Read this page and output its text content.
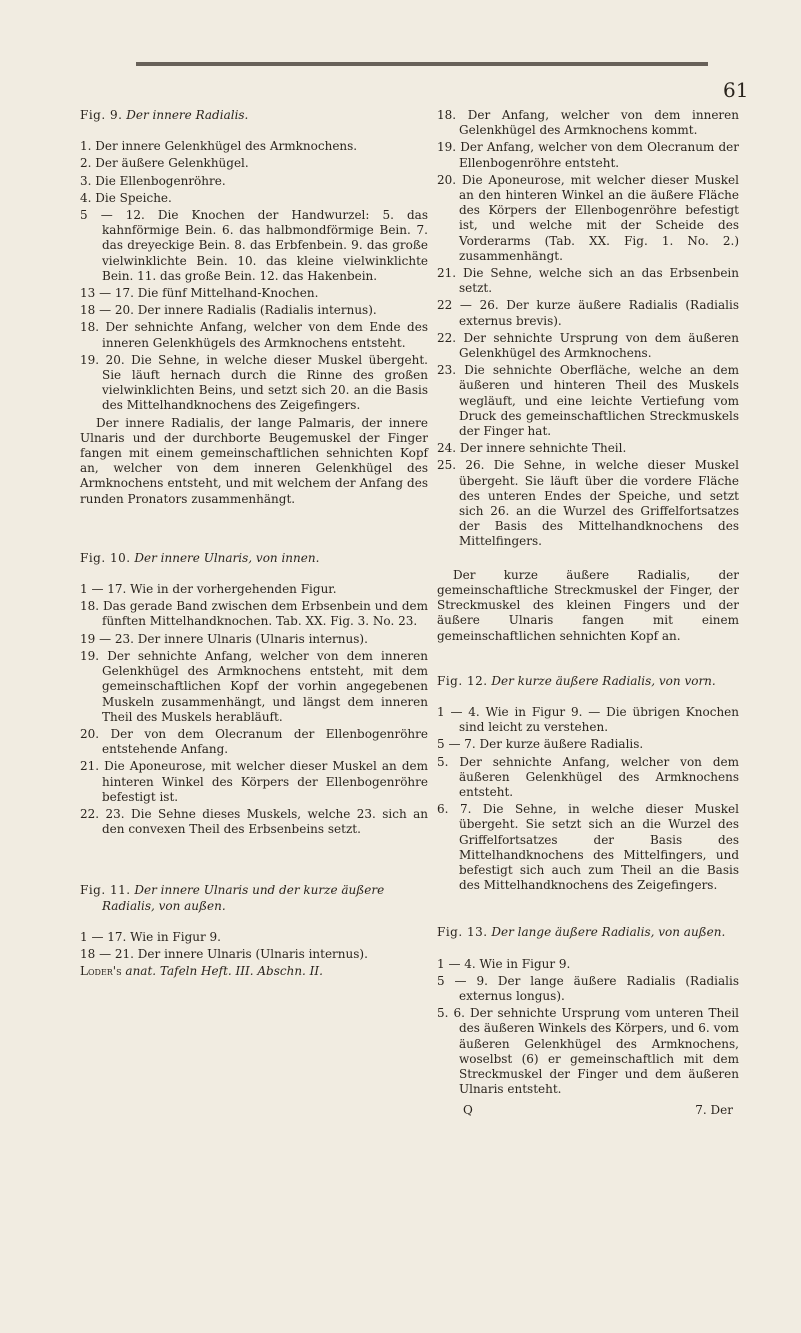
61

Fig. 9. Der innere Radialis.

1. Der innere Gelenkhügel des Armknochens.

2. Der äußere Gelenkhügel.

3. Die Ellenbogenröhre.

4. Die Speiche.

5 — 12. Die Knochen der Handwurzel: 5. das kahnförmige Bein. 6. das halbmondförmige Bein. 7. das dreyeckige Bein. 8. das Erbfenbein. 9. das große vielwinklichte Bein. 10. das kleine vielwinklichte Bein. 11. das große Bein. 12. das Hakenbein.

13 — 17. Die fünf Mittelhand-Knochen.

18 — 20. Der innere Radialis (Radialis internus).

18. Der sehnichte Anfang, welcher von dem Ende des inneren Gelenkhügels des Armknochens entsteht.

19. 20. Die Sehne, in welche dieser Muskel übergeht. Sie läuft hernach durch die Rinne des großen vielwinklichten Beins, und setzt sich 20. an die Basis des Mittelhandknochens des Zeigefingers.

Der innere Radialis, der lange Palmaris, der innere Ulnaris und der durchborte Beugemuskel der Finger fangen mit einem gemeinschaftlichen sehnichten Kopf an, welcher von dem inneren Gelenkhügel des Armknochens entsteht, und mit welchem der Anfang des runden Pronators zusammenhängt.

Fig. 10. Der innere Ulnaris, von innen.

1 — 17. Wie in der vorhergehenden Figur.

18. Das gerade Band zwischen dem Erbsenbein und dem fünften Mittelhandknochen. Tab. XX. Fig. 3. No. 23.

19 — 23. Der innere Ulnaris (Ulnaris internus).

19. Der sehnichte Anfang, welcher von dem inneren Gelenkhügel des Armknochens entsteht, mit dem gemeinschaftlichen Kopf der vorhin angegebenen Muskeln zusammenhängt, und längst dem inneren Theil des Muskels herabläuft.

20. Der von dem Olecranum der Ellenbogenröhre entstehende Anfang.

21. Die Aponeurose, mit welcher dieser Muskel an dem hinteren Winkel des Körpers der Ellenbogenröhre befestigt ist.

22. 23. Die Sehne dieses Muskels, welche 23. sich an den convexen Theil des Erbsenbeins setzt.

Fig. 11. Der innere Ulnaris und der kurze äußere Radialis, von außen.

1 — 17. Wie in Figur 9.

18 — 21. Der innere Ulnaris (Ulnaris internus).

Loder's anat. Tafeln Heft. III. Abschn. II.

18. Der Anfang, welcher von dem inneren Gelenkhügel des Armknochens kommt.

19. Der Anfang, welcher von dem Olecranum der Ellenbogenröhre entsteht.

20. Die Aponeurose, mit welcher dieser Muskel an den hinteren Winkel an die äußere Fläche des Körpers der Ellenbogenröhre befestigt ist, und welche mit der Scheide des Vorderarms (Tab. XX. Fig. 1. No. 2.) zusammenhängt.

21. Die Sehne, welche sich an das Erbsenbein setzt.

22 — 26. Der kurze äußere Radialis (Radialis externus brevis).

22. Der sehnichte Ursprung von dem äußeren Gelenkhügel des Armknochens.

23. Die sehnichte Oberfläche, welche an dem äußeren und hinteren Theil des Muskels wegläuft, und eine leichte Vertiefung vom Druck des gemeinschaftlichen Streckmuskels der Finger hat.

24. Der innere sehnichte Theil.

25. 26. Die Sehne, in welche dieser Muskel übergeht. Sie läuft über die vordere Fläche des unteren Endes der Speiche, und setzt sich 26. an die Wurzel des Griffelfortsatzes der Basis des Mittelhandknochens des Mittelfingers.

Der kurze äußere Radialis, der gemeinschaftliche Streckmuskel der Finger, der Streckmuskel des kleinen Fingers und der äußere Ulnaris fangen mit einem gemeinschaftlichen sehnichten Kopf an.

Fig. 12. Der kurze äußere Radialis, von vorn.

1 — 4. Wie in Figur 9. — Die übrigen Knochen sind leicht zu verstehen.

5 — 7. Der kurze äußere Radialis.

5. Der sehnichte Anfang, welcher von dem äußeren Gelenkhügel des Armknochens entsteht.

6. 7. Die Sehne, in welche dieser Muskel übergeht. Sie setzt sich an die Wurzel des Griffelfortsatzes der Basis des Mittelhandknochens des Mittelfingers, und befestigt sich auch zum Theil an die Basis des Mittelhandknochens des Zeigefingers.

Fig. 13. Der lange äußere Radialis, von außen.

1 — 4. Wie in Figur 9.

5 — 9. Der lange äußere Radialis (Radialis externus longus).

5. 6. Der sehnichte Ursprung vom unteren Theil des äußeren Winkels des Körpers, und 6. vom äußeren Gelenkhügel des Armknochens, woselbst (6) er gemeinschaftlich mit dem Streckmuskel der Finger und dem äußeren Ulnaris entsteht.

Q	7. Der
